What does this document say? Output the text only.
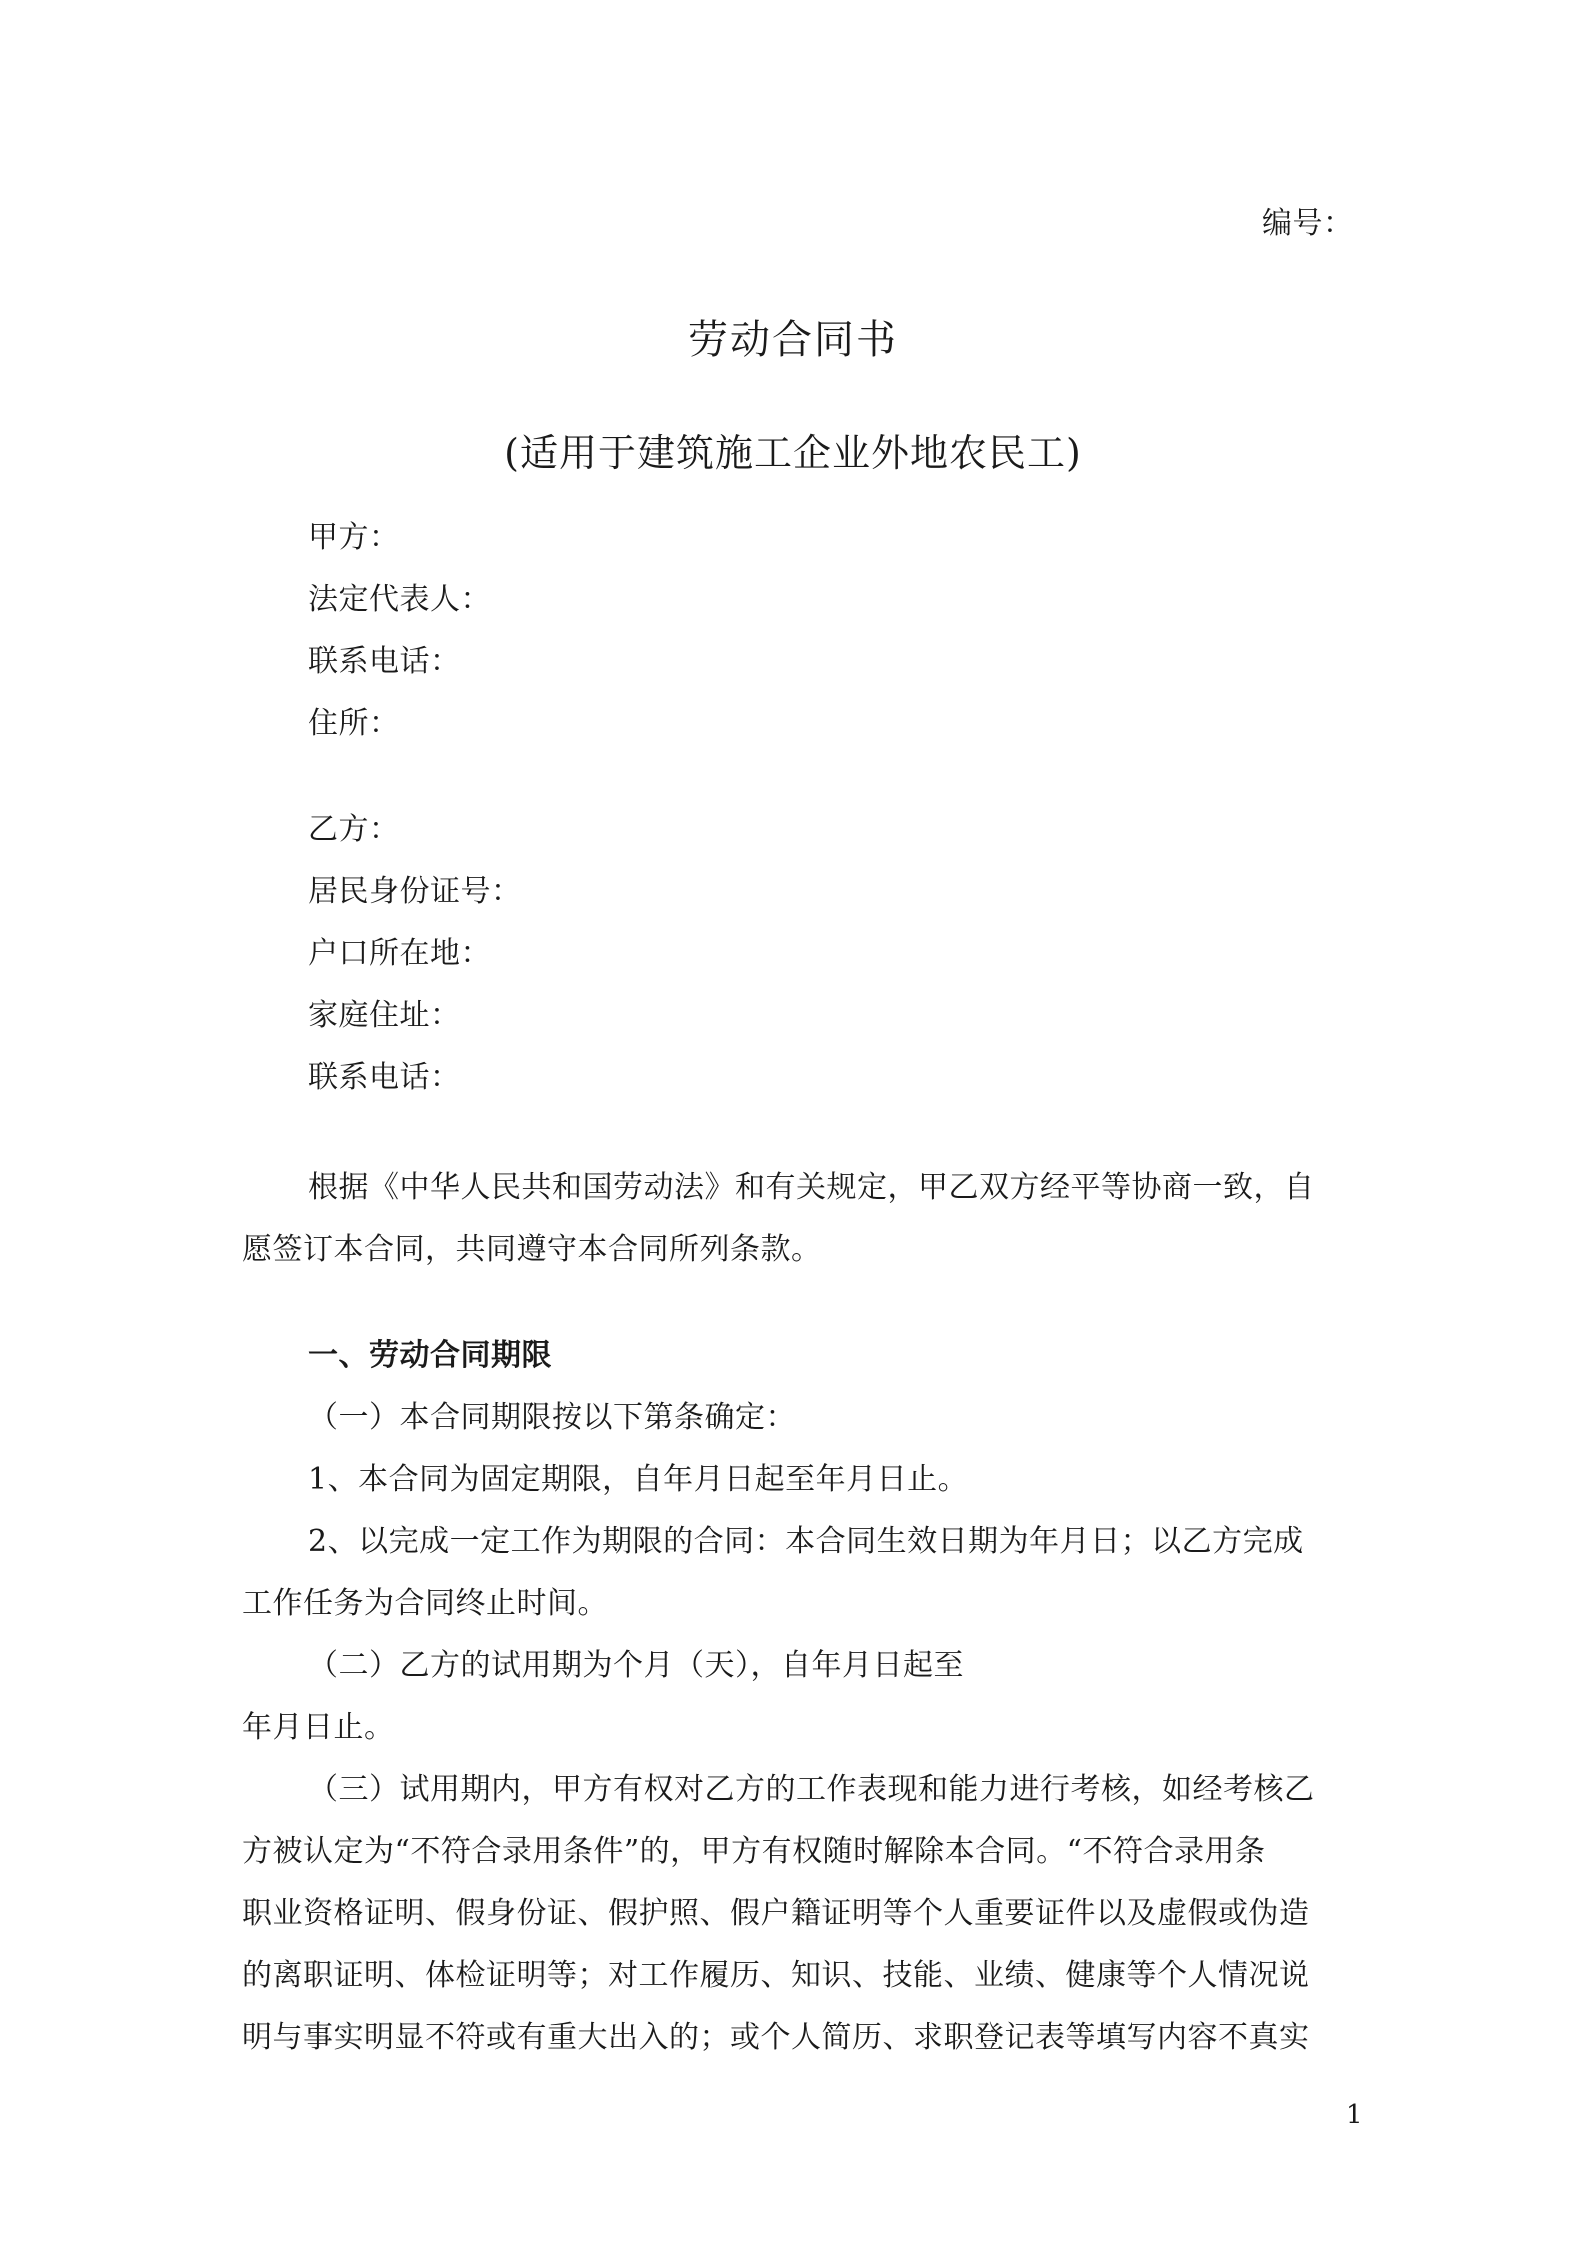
编号：
劳动合同书
(适用于建筑施工企业外地农民工)
甲方：
法定代表人：
联系电话：
住所：
乙方：
居民身份证号：
户口所在地：
家庭住址：
联系电话：
根据《中华人民共和国劳动法》和有关规定，甲乙双方经平等协商一致，自
愿签订本合同，共同遵守本合同所列条款。
一、劳动合同期限
（一）本合同期限按以下第条确定：
1、本合同为固定期限，自年月日起至年月日止。
2、以完成一定工作为期限的合同：本合同生效日期为年月日；以乙方完成
工作任务为合同终止时间。
（二）乙方的试用期为个月（天），自年月日起至
年月日止。
（三）试用期内，甲方有权对乙方的工作表现和能力进行考核，如经考核乙
方被认定为“不符合录用条件”的，甲方有权随时解除本合同。“不符合录用条
职业资格证明、假身份证、假护照、假户籍证明等个人重要证件以及虚假或伪造
的离职证明、体检证明等；对工作履历、知识、技能、业绩、健康等个人情况说
明与事实明显不符或有重大出入的；或个人简历、求职登记表等填写内容不真实
1
